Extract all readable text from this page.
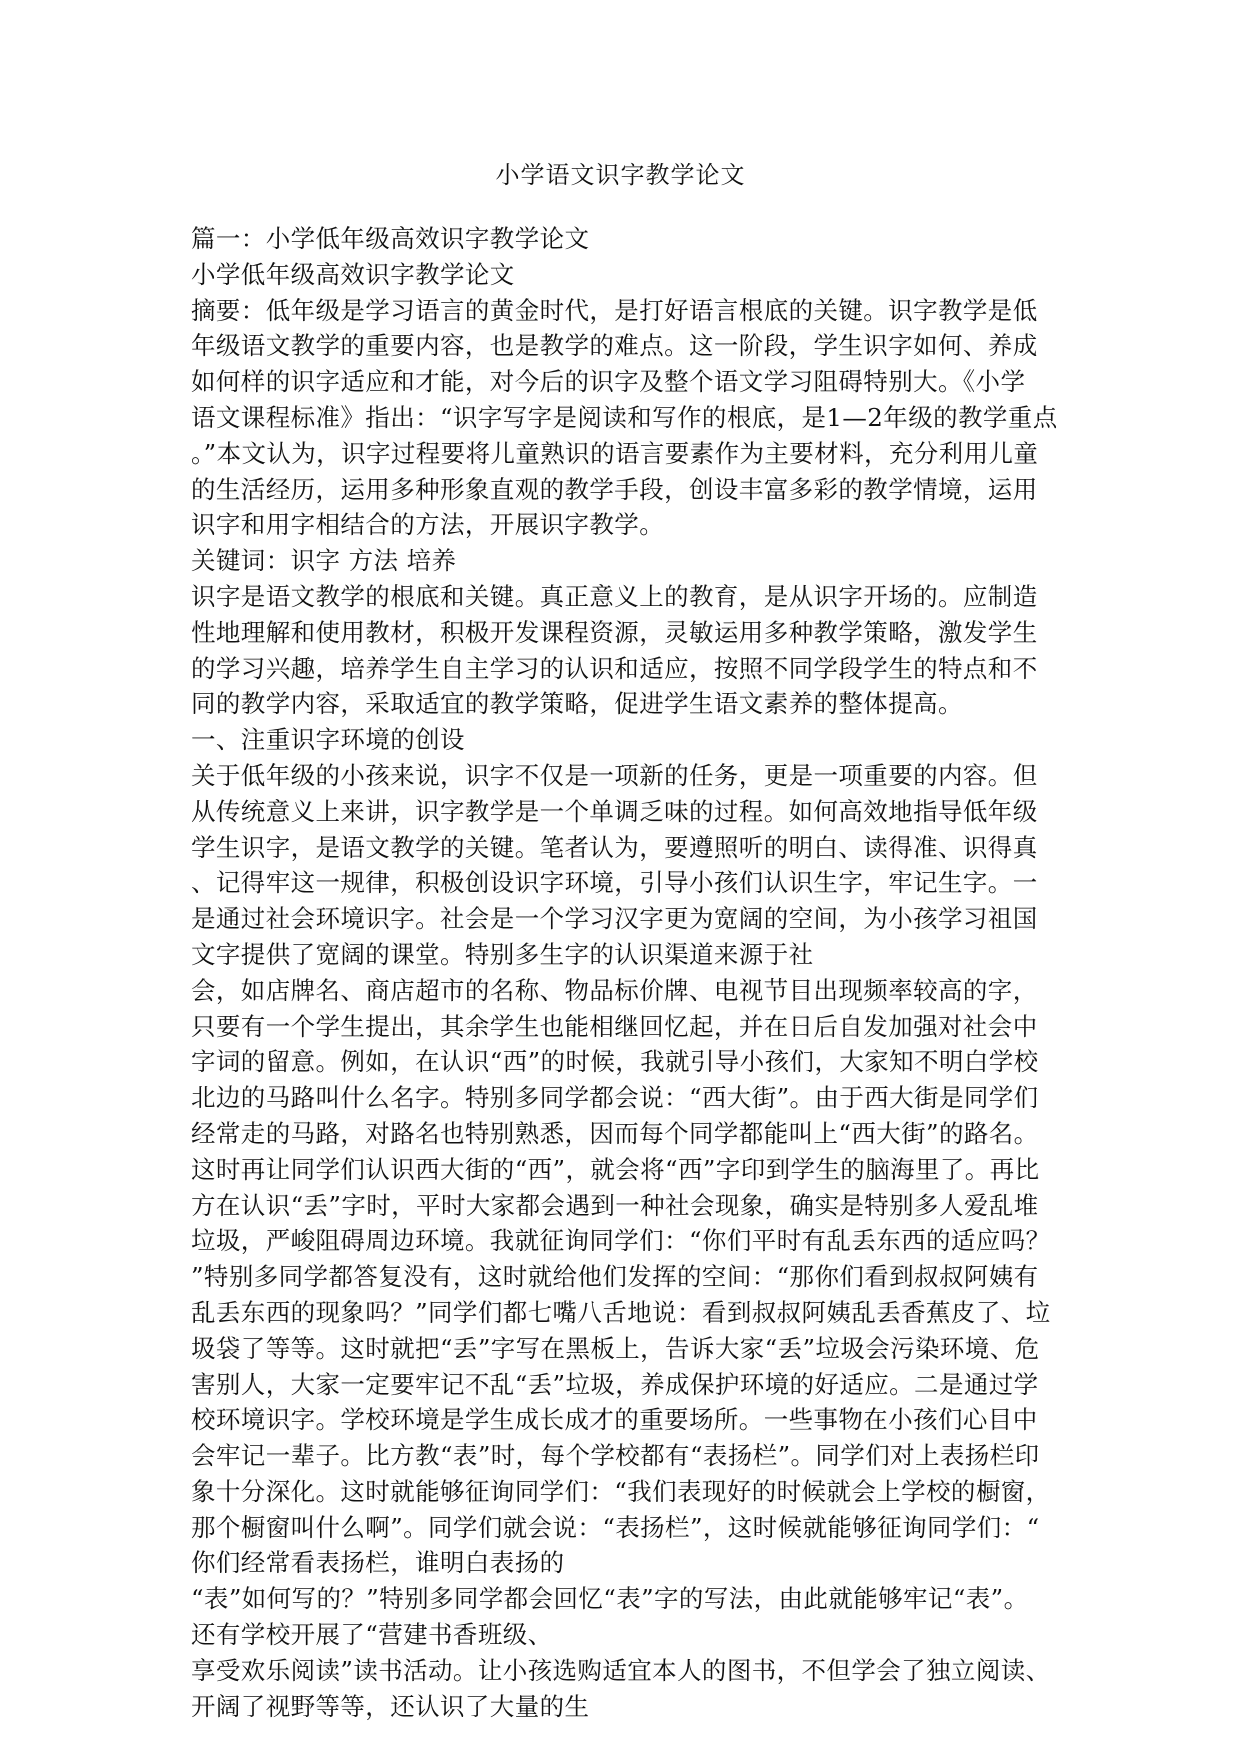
小学语文识字教学论文
篇一：小学低年级高效识字教学论文
小学低年级高效识字教学论文
摘要：低年级是学习语言的黄金时代，是打好语言根底的关键。识字教学是低
年级语文教学的重要内容，也是教学的难点。这一阶段，学生识字如何、养成
如何样的识字适应和才能，对今后的识字及整个语文学习阻碍特别大。《小学
语文课程标准》指出：“识字写字是阅读和写作的根底，是1—2年级的教学重点
。”本文认为，识字过程要将儿童熟识的语言要素作为主要材料，充分利用儿童
的生活经历，运用多种形象直观的教学手段，创设丰富多彩的教学情境，运用
识字和用字相结合的方法，开展识字教学。
关键词：识字 方法 培养
识字是语文教学的根底和关键。真正意义上的教育，是从识字开场的。应制造
性地理解和使用教材，积极开发课程资源，灵敏运用多种教学策略，激发学生
的学习兴趣，培养学生自主学习的认识和适应，按照不同学段学生的特点和不
同的教学内容，采取适宜的教学策略，促进学生语文素养的整体提高。
一、注重识字环境的创设
关于低年级的小孩来说，识字不仅是一项新的任务，更是一项重要的内容。但
从传统意义上来讲，识字教学是一个单调乏味的过程。如何高效地指导低年级
学生识字，是语文教学的关键。笔者认为，要遵照听的明白、读得准、识得真
、记得牢这一规律，积极创设识字环境，引导小孩们认识生字，牢记生字。一
是通过社会环境识字。社会是一个学习汉字更为宽阔的空间，为小孩学习祖国
文字提供了宽阔的课堂。特别多生字的认识渠道来源于社
会，如店牌名、商店超市的名称、物品标价牌、电视节目出现频率较高的字，
只要有一个学生提出，其余学生也能相继回忆起，并在日后自发加强对社会中
字词的留意。例如，在认识“西”的时候，我就引导小孩们，大家知不明白学校
北边的马路叫什么名字。特别多同学都会说：“西大街”。由于西大街是同学们
经常走的马路，对路名也特别熟悉，因而每个同学都能叫上“西大街”的路名。
这时再让同学们认识西大街的“西”，就会将“西”字印到学生的脑海里了。再比
方在认识“丢”字时，平时大家都会遇到一种社会现象，确实是特别多人爱乱堆
垃圾，严峻阻碍周边环境。我就征询同学们：“你们平时有乱丢东西的适应吗？
”特别多同学都答复没有，这时就给他们发挥的空间：“那你们看到叔叔阿姨有
乱丢东西的现象吗？”同学们都七嘴八舌地说：看到叔叔阿姨乱丢香蕉皮了、垃
圾袋了等等。这时就把“丢”字写在黑板上，告诉大家“丢”垃圾会污染环境、危
害别人，大家一定要牢记不乱“丢”垃圾，养成保护环境的好适应。二是通过学
校环境识字。学校环境是学生成长成才的重要场所。一些事物在小孩们心目中
会牢记一辈子。比方教“表”时，每个学校都有“表扬栏”。同学们对上表扬栏印
象十分深化。这时就能够征询同学们：“我们表现好的时候就会上学校的橱窗，
那个橱窗叫什么啊”。同学们就会说：“表扬栏”，这时候就能够征询同学们：“
你们经常看表扬栏，谁明白表扬的
“表”如何写的？”特别多同学都会回忆“表”字的写法，由此就能够牢记“表”。
还有学校开展了“营建书香班级、
享受欢乐阅读”读书活动。让小孩选购适宜本人的图书，不但学会了独立阅读、
开阔了视野等等，还认识了大量的生
